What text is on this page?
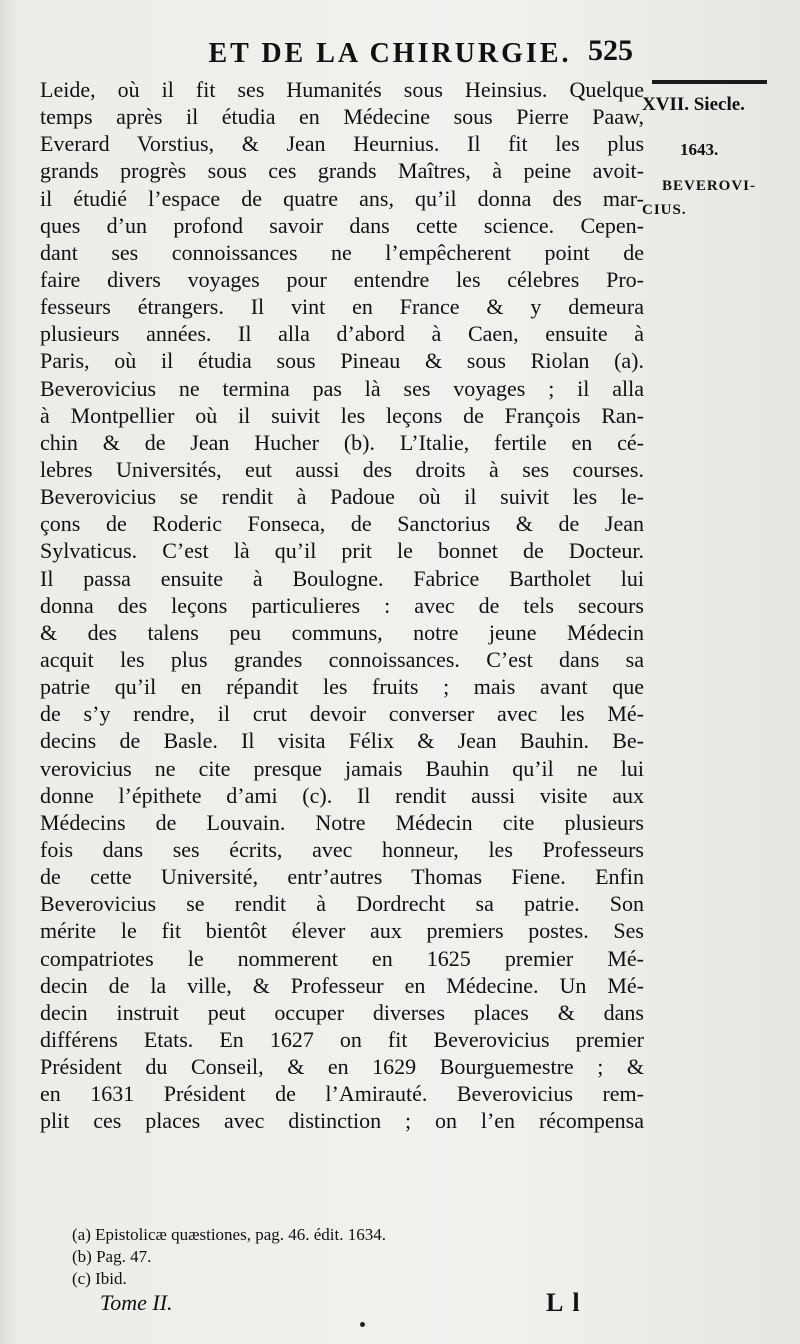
ET DE LA CHIRURGIE. 525
XVII. Siecle.
1643.
BEVEROVI-
CIUS.
Leide, où il fit ses Humanités sous Heinsius. Quelque
temps après il étudia en Médecine sous Pierre Paaw,
Everard Vorstius, & Jean Heurnius. Il fit les plus
grands progrès sous ces grands Maîtres, à peine avoit-
il étudié l’espace de quatre ans, qu’il donna des mar-
ques d’un profond savoir dans cette science. Cepen-
dant ses connoissances ne l’empêcherent point de
faire divers voyages pour entendre les célebres Pro-
fesseurs étrangers. Il vint en France & y demeura
plusieurs années. Il alla d’abord à Caen, ensuite à
Paris, où il étudia sous Pineau & sous Riolan (a).
Beverovicius ne termina pas là ses voyages ; il alla
à Montpellier où il suivit les leçons de François Ran-
chin & de Jean Hucher (b). L’Italie, fertile en cé-
lebres Universités, eut aussi des droits à ses courses.
Beverovicius se rendit à Padoue où il suivit les le-
çons de Roderic Fonseca, de Sanctorius & de Jean
Sylvaticus. C’est là qu’il prit le bonnet de Docteur.
Il passa ensuite à Boulogne. Fabrice Bartholet lui
donna des leçons particulieres : avec de tels secours
& des talens peu communs, notre jeune Médecin
acquit les plus grandes connoissances. C’est dans sa
patrie qu’il en répandit les fruits ; mais avant que
de s’y rendre, il crut devoir converser avec les Mé-
decins de Basle. Il visita Félix & Jean Bauhin. Be-
verovicius ne cite presque jamais Bauhin qu’il ne lui
donne l’épithete d’ami (c). Il rendit aussi visite aux
Médecins de Louvain. Notre Médecin cite plusieurs
fois dans ses écrits, avec honneur, les Professeurs
de cette Université, entr’autres Thomas Fiene. Enfin
Beverovicius se rendit à Dordrecht sa patrie. Son
mérite le fit bientôt élever aux premiers postes. Ses
compatriotes le nommerent en 1625 premier Mé-
decin de la ville, & Professeur en Médecine. Un Mé-
decin instruit peut occuper diverses places & dans
différens Etats. En 1627 on fit Beverovicius premier
Président du Conseil, & en 1629 Bourguemestre ; &
en 1631 Président de l’Amirauté. Beverovicius rem-
plit ces places avec distinction ; on l’en récompensa
(a) Epistolicæ quæstiones, pag. 46. édit. 1634.
(b) Pag. 47.
(c) Ibid.
Tome II.	L l
